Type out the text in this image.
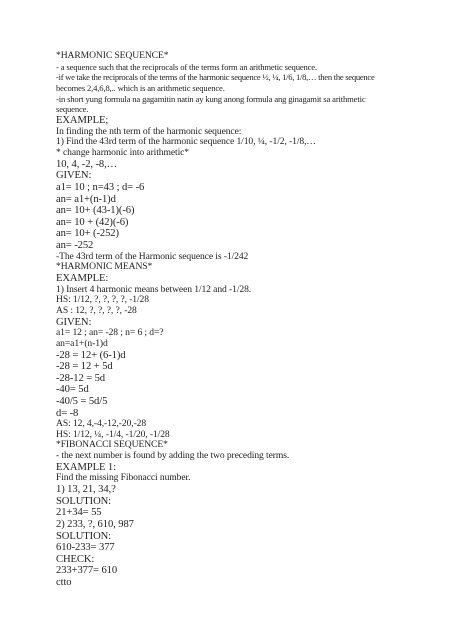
*HARMONIC SEQUENCE*
- a sequence such that the reciprocals of the terms form an arithmetic sequence.
-if we take the reciprocals of the terms of the harmonic sequence ½, ¼, 1/6, 1/8,… then the sequence
becomes 2,4,6,8,.. which is an arithmetic sequence.
-in short yung formula na gagamitin natin ay kung anong formula ang ginagamit sa arithmetic
sequence.
EXAMPLE;
In finding the nth term of the harmonic sequence:
1) Find the 43rd term of the harmonic sequence 1/10, ¼, -1/2, -1/8,…
* change harmonic into arithmetic*
10, 4, -2, -8,…
GIVEN:
a1= 10 ; n=43 ; d= -6
an= a1+(n-1)d
an= 10+ (43-1)(-6)
an= 10 + (42)(-6)
an= 10+ (-252)
an= -252
-The 43rd term of the Harmonic sequence is -1/242
*HARMONIC MEANS*
EXAMPLE:
1) Insert 4 harmonic means between 1/12 and -1/28.
HS: 1/12, ?, ?, ?, ?, -1/28
AS : 12, ?, ?, ?, ?, -28
GIVEN:
a1= 12 ; an= -28 ; n= 6 ; d=?
an=a1+(n-1)d
-28 = 12+ (6-1)d
-28 = 12 + 5d
-28-12 = 5d
-40= 5d
-40/5 = 5d/5
d= -8
AS: 12, 4,-4,-12,-20,-28
HS: 1/12, ¼, -1/4, -1/20, -1/28
*FIBONACCI SEQUENCE*
- the next number is found by adding the two preceding terms.
EXAMPLE 1:
Find the missing Fibonacci number.
1) 13, 21, 34,?
SOLUTION:
21+34= 55
2) 233, ?, 610, 987
SOLUTION:
610-233= 377
CHECK:
233+377= 610
ctto
